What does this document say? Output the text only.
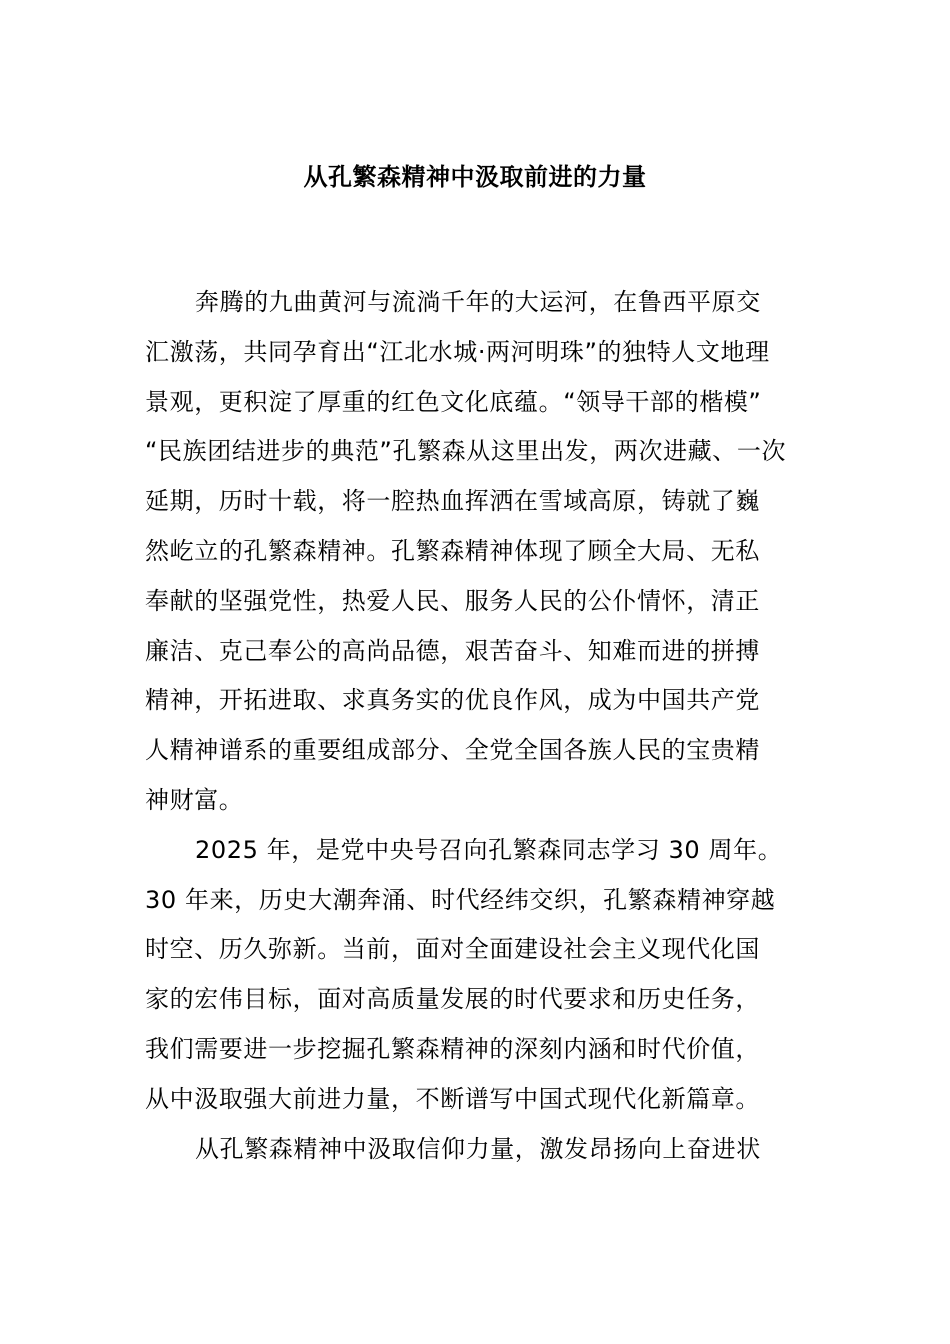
从孔繁森精神中汲取前进的力量
奔腾的九曲黄河与流淌千年的大运河，在鲁西平原交
汇激荡，共同孕育出“江北水城·两河明珠”的独特人文地理
景观，更积淀了厚重的红色文化底蕴。“领导干部的楷模”
“民族团结进步的典范”孔繁森从这里出发，两次进藏、一次
延期，历时十载，将一腔热血挥洒在雪域高原，铸就了巍
然屹立的孔繁森精神。孔繁森精神体现了顾全大局、无私
奉献的坚强党性，热爱人民、服务人民的公仆情怀，清正
廉洁、克己奉公的高尚品德，艰苦奋斗、知难而进的拼搏
精神，开拓进取、求真务实的优良作风，成为中国共产党
人精神谱系的重要组成部分、全党全国各族人民的宝贵精
神财富。
2025 年，是党中央号召向孔繁森同志学习 30 周年。
30 年来，历史大潮奔涌、时代经纬交织，孔繁森精神穿越
时空、历久弥新。当前，面对全面建设社会主义现代化国
家的宏伟目标，面对高质量发展的时代要求和历史任务，
我们需要进一步挖掘孔繁森精神的深刻内涵和时代价值，
从中汲取强大前进力量，不断谱写中国式现代化新篇章。
从孔繁森精神中汲取信仰力量，激发昂扬向上奋进状
